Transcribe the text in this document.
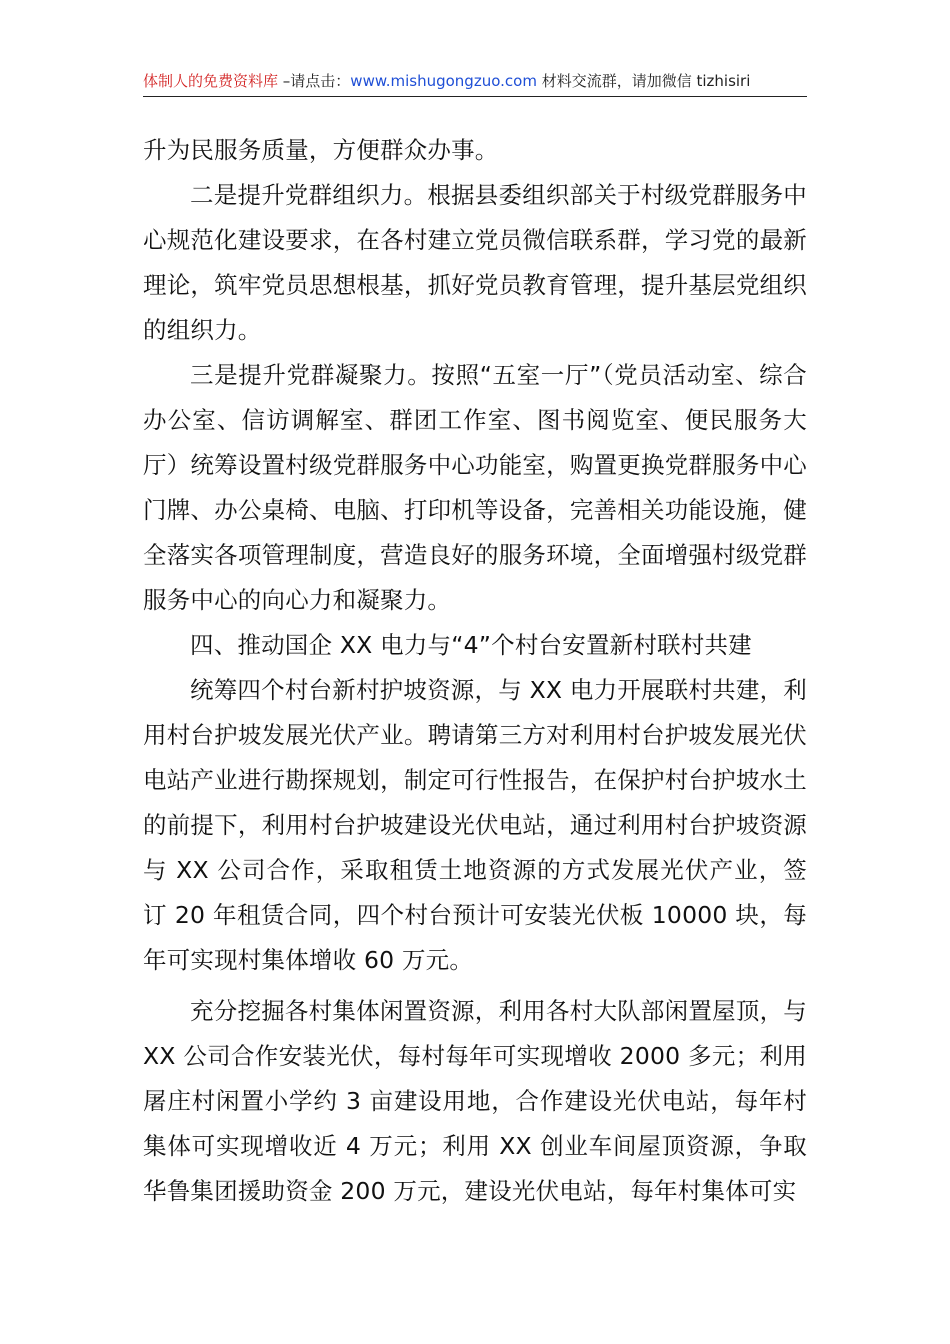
体制人的免费资料库 –请点击：www.mishugongzuo.com 材料交流群，请加微信 tizhisiri

升为民服务质量，方便群众办事。

二是提升党群组织力。根据县委组织部关于村级党群服务中心规范化建设要求，在各村建立党员微信联系群，学习党的最新理论，筑牢党员思想根基，抓好党员教育管理，提升基层党组织的组织力。

三是提升党群凝聚力。按照“五室一厅”（党员活动室、综合办公室、信访调解室、群团工作室、图书阅览室、便民服务大厅）统筹设置村级党群服务中心功能室，购置更换党群服务中心门牌、办公桌椅、电脑、打印机等设备，完善相关功能设施，健全落实各项管理制度，营造良好的服务环境，全面增强村级党群服务中心的向心力和凝聚力。

四、推动国企 XX 电力与“4”个村台安置新村联村共建

统筹四个村台新村护坡资源，与 XX 电力开展联村共建，利用村台护坡发展光伏产业。聘请第三方对利用村台护坡发展光伏电站产业进行勘探规划，制定可行性报告，在保护村台护坡水土的前提下，利用村台护坡建设光伏电站，通过利用村台护坡资源与 XX 公司合作，采取租赁土地资源的方式发展光伏产业，签订 20 年租赁合同，四个村台预计可安装光伏板 10000 块，每年可实现村集体增收 60 万元。

充分挖掘各村集体闲置资源，利用各村大队部闲置屋顶，与 XX 公司合作安装光伏，每村每年可实现增收 2000 多元；利用屠庄村闲置小学约 3 亩建设用地，合作建设光伏电站，每年村集体可实现增收近 4 万元；利用 XX 创业车间屋顶资源，争取华鲁集团援助资金 200 万元，建设光伏电站，每年村集体可实
